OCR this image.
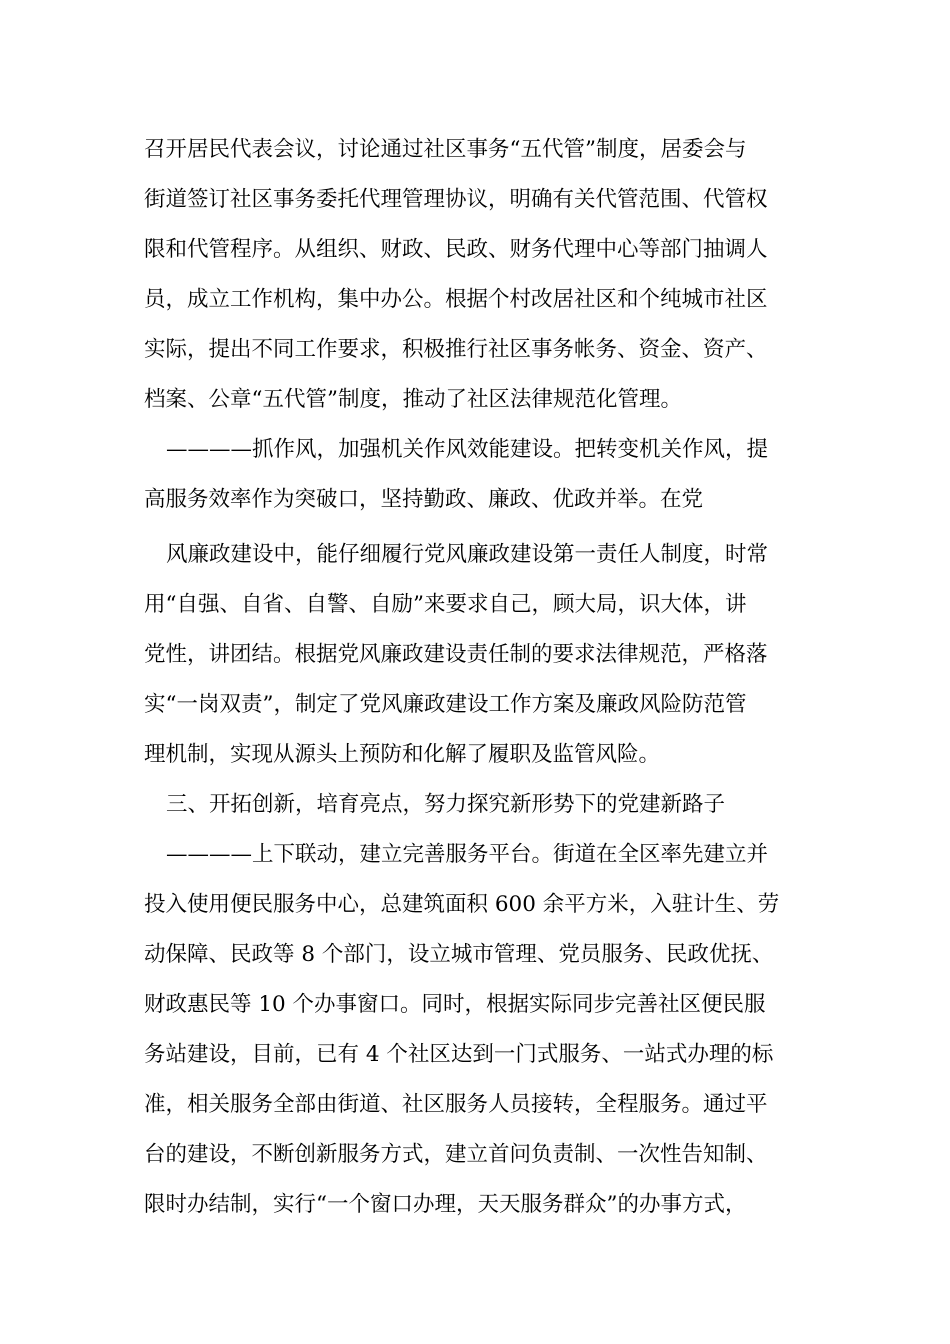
召开居民代表会议，讨论通过社区事务“五代管”制度，居委会与
街道签订社区事务委托代理管理协议，明确有关代管范围、代管权
限和代管程序。从组织、财政、民政、财务代理中心等部门抽调人
员，成立工作机构，集中办公。根据个村改居社区和个纯城市社区
实际，提出不同工作要求，积极推行社区事务帐务、资金、资产、
档案、公章“五代管”制度，推动了社区法律规范化管理。
————抓作风，加强机关作风效能建设。把转变机关作风，提
高服务效率作为突破口，坚持勤政、廉政、优政并举。在党
风廉政建设中，能仔细履行党风廉政建设第一责任人制度，时常
用“自强、自省、自警、自励”来要求自己，顾大局，识大体，讲
党性，讲团结。根据党风廉政建设责任制的要求法律规范，严格落
实“一岗双责”，制定了党风廉政建设工作方案及廉政风险防范管
理机制，实现从源头上预防和化解了履职及监管风险。
三、开拓创新，培育亮点，努力探究新形势下的党建新路子
————上下联动，建立完善服务平台。街道在全区率先建立并
投入使用便民服务中心，总建筑面积 600 余平方米，入驻计生、劳
动保障、民政等 8 个部门，设立城市管理、党员服务、民政优抚、
财政惠民等 10 个办事窗口。同时，根据实际同步完善社区便民服
务站建设，目前，已有 4 个社区达到一门式服务、一站式办理的标
准，相关服务全部由街道、社区服务人员接转，全程服务。通过平
台的建设，不断创新服务方式，建立首问负责制、一次性告知制、
限时办结制，实行“一个窗口办理，天天服务群众”的办事方式，
